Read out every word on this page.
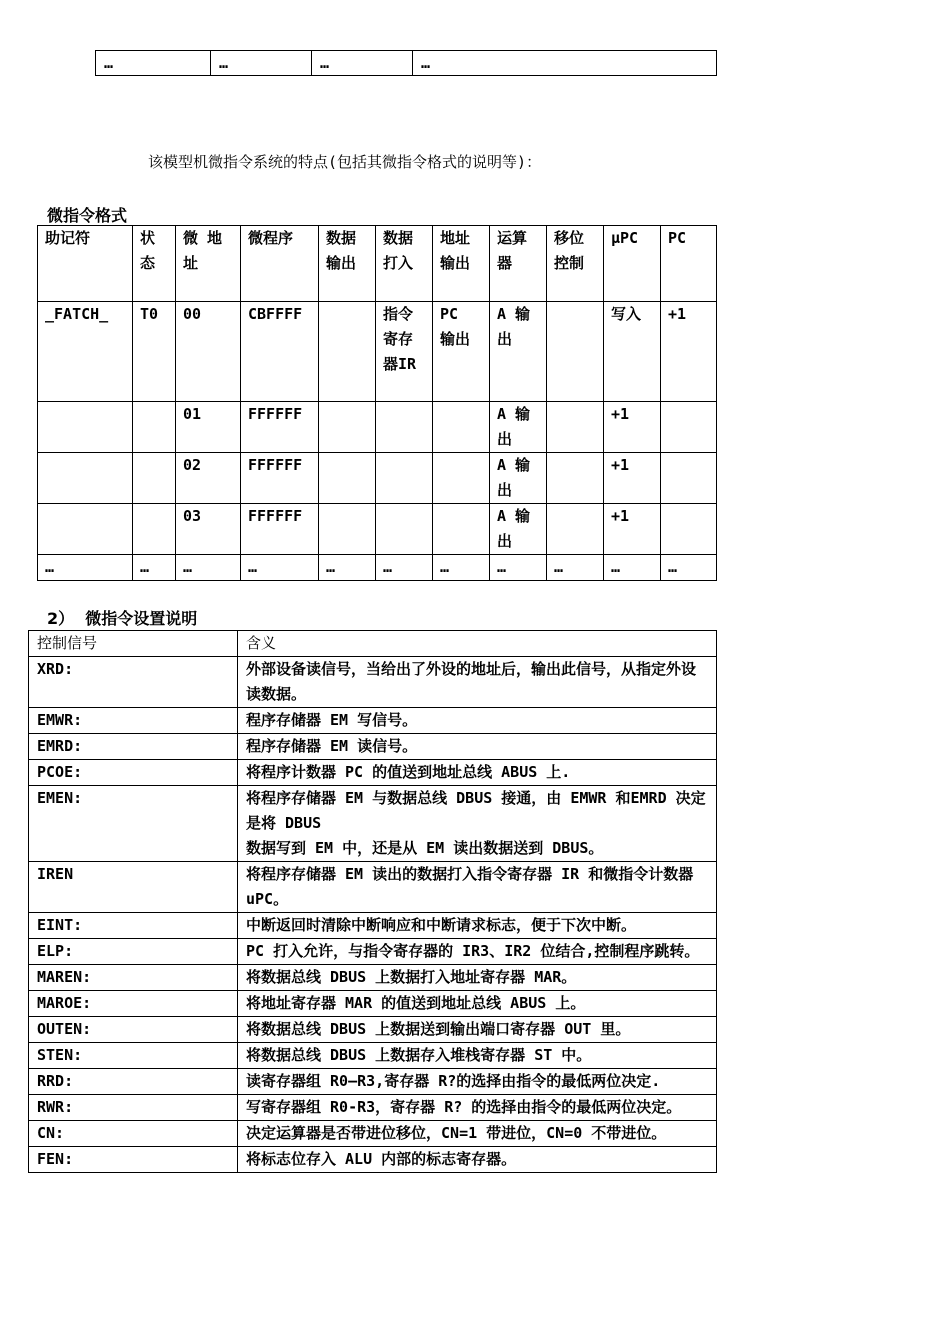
…	…	…	…
该模型机微指令系统的特点(包括其微指令格式的说明等)：
微指令格式
助记符	状态	微 地址	微程序	数据输出	数据打入	地址输出	运算器	移位控制	μPC	PC
_FATCH_	T0	00	CBFFFF		指令寄存器IR	PC 输出	A 输出		写入	+1
		01	FFFFFF				A 输出		+1	
		02	FFFFFF				A 输出		+1	
		03	FFFFFF				A 输出		+1	
…	…	…	…	…	…	…	…	…	…	…
2）  微指令设置说明
控制信号	含义
XRD:	外部设备读信号，当给出了外设的地址后，输出此信号，从指定外设读数据。
EMWR:	程序存储器 EM 写信号。
EMRD:	程序存储器 EM 读信号。
PCOE:	将程序计数器 PC 的值送到地址总线 ABUS 上.
EMEN:	将程序存储器 EM 与数据总线 DBUS 接通，由 EMWR 和EMRD 决定是将 DBUS
数据写到 EM 中，还是从 EM 读出数据送到 DBUS。
IREN	将程序存储器 EM 读出的数据打入指令寄存器 IR 和微指令计数器 uPC。
EINT:	中断返回时清除中断响应和中断请求标志，便于下次中断。
ELP:	PC 打入允许，与指令寄存器的 IR3、IR2 位结合,控制程序跳转。
MAREN:	将数据总线 DBUS 上数据打入地址寄存器 MAR。
MAROE:	将地址寄存器 MAR 的值送到地址总线 ABUS 上。
OUTEN:	将数据总线 DBUS 上数据送到输出端口寄存器 OUT 里。
STEN:	将数据总线 DBUS 上数据存入堆栈寄存器 ST 中。
RRD:	读寄存器组 R0—R3,寄存器 R?的选择由指令的最低两位决定.
RWR:	写寄存器组 R0-R3，寄存器 R? 的选择由指令的最低两位决定。
CN:	决定运算器是否带进位移位，CN=1 带进位，CN=0 不带进位。
FEN:	将标志位存入 ALU 内部的标志寄存器。
